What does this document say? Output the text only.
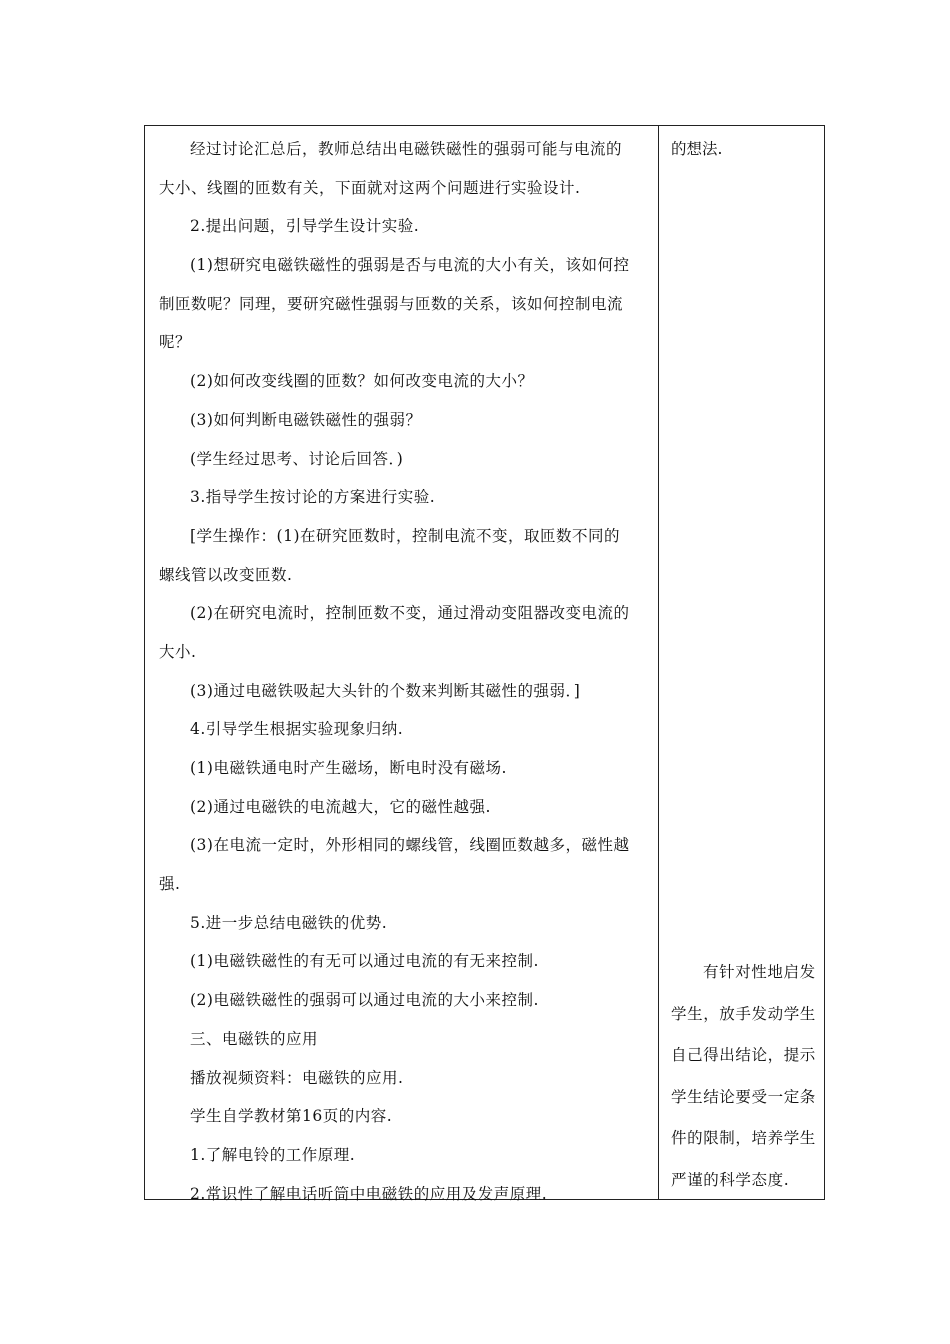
经过讨论汇总后，教师总结出电磁铁磁性的强弱可能与电流的
大小、线圈的匝数有关，下面就对这两个问题进行实验设计.
2.提出问题，引导学生设计实验.
(1)想研究电磁铁磁性的强弱是否与电流的大小有关，该如何控
制匝数呢？同理，要研究磁性强弱与匝数的关系，该如何控制电流
呢？
(2)如何改变线圈的匝数？如何改变电流的大小？
(3)如何判断电磁铁磁性的强弱？
(学生经过思考、讨论后回答．)
3.指导学生按讨论的方案进行实验.
[学生操作：(1)在研究匝数时，控制电流不变，取匝数不同的
螺线管以改变匝数.
(2)在研究电流时，控制匝数不变，通过滑动变阻器改变电流的
大小.
(3)通过电磁铁吸起大头针的个数来判断其磁性的强弱．]
4.引导学生根据实验现象归纳.
(1)电磁铁通电时产生磁场，断电时没有磁场.
(2)通过电磁铁的电流越大，它的磁性越强.
(3)在电流一定时，外形相同的螺线管，线圈匝数越多，磁性越
强.
5.进一步总结电磁铁的优势.
(1)电磁铁磁性的有无可以通过电流的有无来控制.
(2)电磁铁磁性的强弱可以通过电流的大小来控制.
三、电磁铁的应用
播放视频资料：电磁铁的应用.
学生自学教材第16页的内容.
1.了解电铃的工作原理.
2.常识性了解电话听筒中电磁铁的应用及发声原理.
的想法.
有针对性地启发
学生，放手发动学生
自己得出结论，提示
学生结论要受一定条
件的限制，培养学生
严谨的科学态度.
